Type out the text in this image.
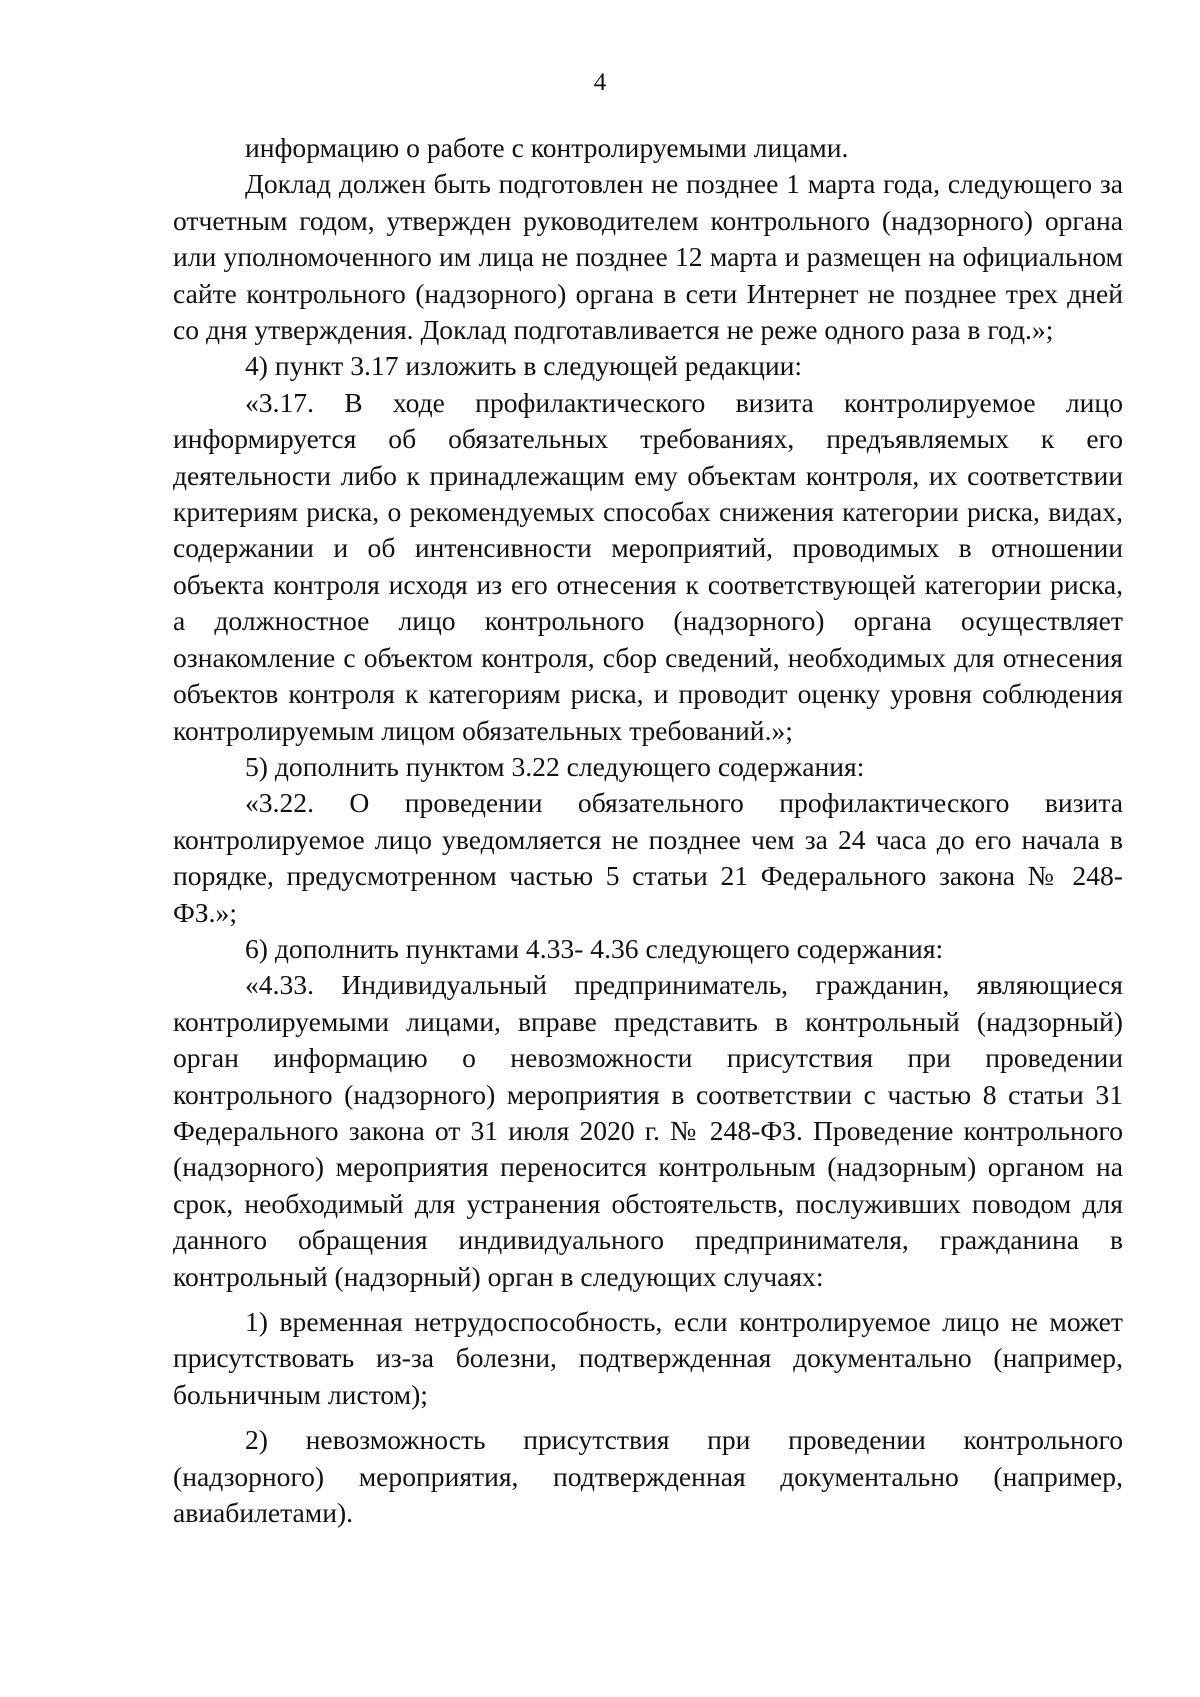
4

информацию о работе с контролируемыми лицами.

Доклад должен быть подготовлен не позднее 1 марта года, следующего за отчетным годом, утвержден руководителем контрольного (надзорного) органа или уполномоченного им лица не позднее 12 марта и размещен на официальном сайте контрольного (надзорного) органа в сети Интернет не позднее трех дней со дня утверждения. Доклад подготавливается не реже одного раза в год.»;

4) пункт 3.17 изложить в следующей редакции:

«3.17. В ходе профилактического визита контролируемое лицо информируется об обязательных требованиях, предъявляемых к его деятельности либо к принадлежащим ему объектам контроля, их соответствии критериям риска, о рекомендуемых способах снижения категории риска, видах, содержании и об интенсивности мероприятий, проводимых в отношении объекта контроля исходя из его отнесения к соответствующей категории риска, а должностное лицо контрольного (надзорного) органа осуществляет ознакомление с объектом контроля, сбор сведений, необходимых для отнесения объектов контроля к категориям риска, и проводит оценку уровня соблюдения контролируемым лицом обязательных требований.»;

5) дополнить пунктом 3.22 следующего содержания:

«3.22. О проведении обязательного профилактического визита контролируемое лицо уведомляется не позднее чем за 24 часа до его начала в порядке, предусмотренном частью 5 статьи 21 Федерального закона № 248-ФЗ.»;

6) дополнить пунктами 4.33- 4.36 следующего содержания:

«4.33. Индивидуальный предприниматель, гражданин, являющиеся контролируемыми лицами, вправе представить в контрольный (надзорный) орган информацию о невозможности присутствия при проведении контрольного (надзорного) мероприятия в соответствии с частью 8 статьи 31 Федерального закона от 31 июля 2020 г. № 248-ФЗ. Проведение контрольного (надзорного) мероприятия переносится контрольным (надзорным) органом на срок, необходимый для устранения обстоятельств, послуживших поводом для данного обращения индивидуального предпринимателя, гражданина в контрольный (надзорный) орган в следующих случаях:

1) временная нетрудоспособность, если контролируемое лицо не может присутствовать из-за болезни, подтвержденная документально (например, больничным листом);

2) невозможность присутствия при проведении контрольного (надзорного) мероприятия, подтвержденная документально (например, авиабилетами).
